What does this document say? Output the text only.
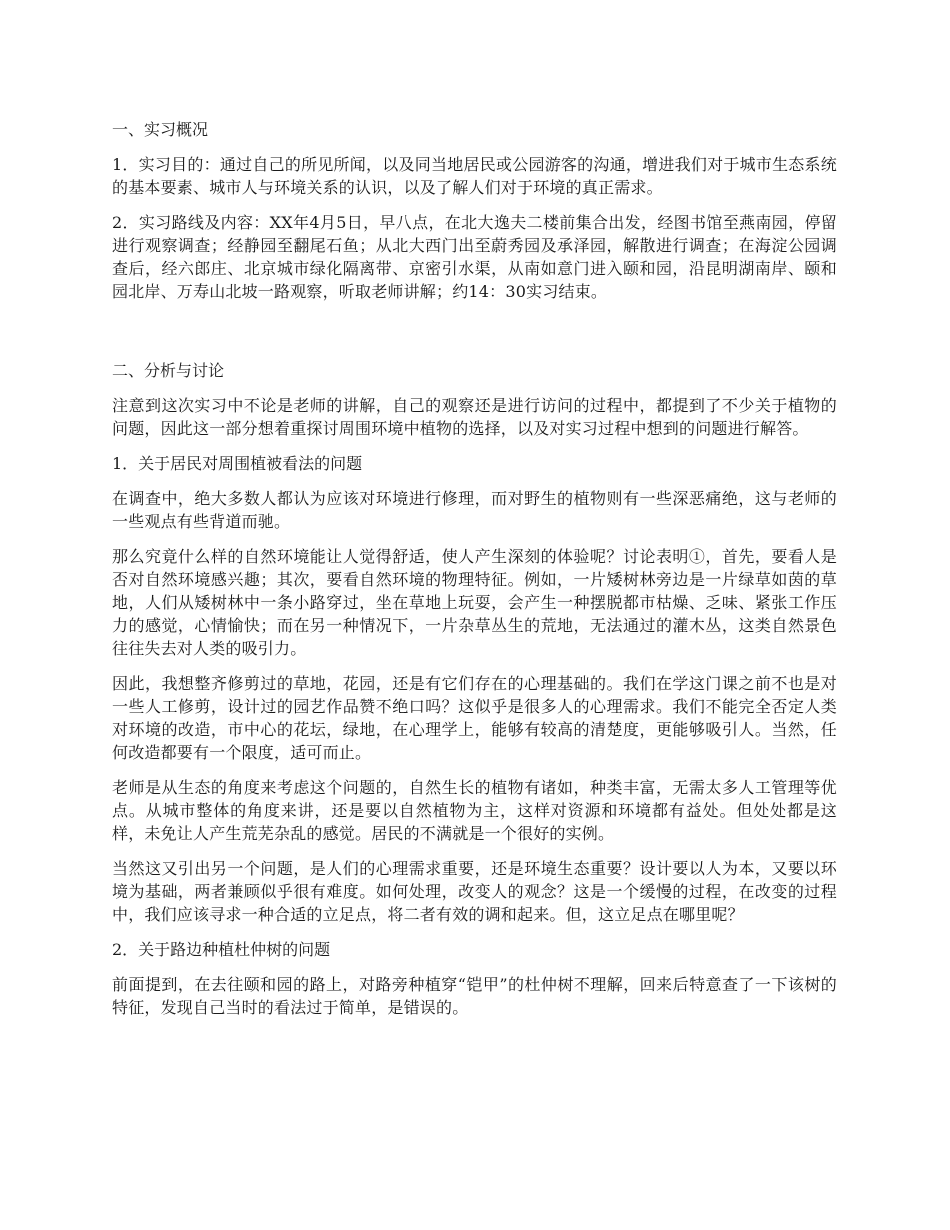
一、实习概况

1．实习目的：通过自己的所见所闻，以及同当地居民或公园游客的沟通，增进我们对于城市生态系统的基本要素、城市人与环境关系的认识，以及了解人们对于环境的真正需求。

2．实习路线及内容：XX年4月5日，早八点，在北大逸夫二楼前集合出发，经图书馆至燕南园，停留进行观察调查；经静园至翻尾石鱼；从北大西门出至蔚秀园及承泽园，解散进行调查；在海淀公园调查后，经六郎庄、北京城市绿化隔离带、京密引水渠，从南如意门进入颐和园，沿昆明湖南岸、颐和园北岸、万寿山北坡一路观察，听取老师讲解；约14：30实习结束。

二、分析与讨论

注意到这次实习中不论是老师的讲解，自己的观察还是进行访问的过程中，都提到了不少关于植物的问题，因此这一部分想着重探讨周围环境中植物的选择，以及对实习过程中想到的问题进行解答。

1．关于居民对周围植被看法的问题

在调查中，绝大多数人都认为应该对环境进行修理，而对野生的植物则有一些深恶痛绝，这与老师的一些观点有些背道而驰。

那么究竟什么样的自然环境能让人觉得舒适，使人产生深刻的体验呢？讨论表明①，首先，要看人是否对自然环境感兴趣；其次，要看自然环境的物理特征。例如，一片矮树林旁边是一片绿草如茵的草地，人们从矮树林中一条小路穿过，坐在草地上玩耍，会产生一种摆脱都市枯燥、乏味、紧张工作压力的感觉，心情愉快；而在另一种情况下，一片杂草丛生的荒地，无法通过的灌木丛，这类自然景色往往失去对人类的吸引力。

因此，我想整齐修剪过的草地，花园，还是有它们存在的心理基础的。我们在学这门课之前不也是对一些人工修剪，设计过的园艺作品赞不绝口吗？这似乎是很多人的心理需求。我们不能完全否定人类对环境的改造，市中心的花坛，绿地，在心理学上，能够有较高的清楚度，更能够吸引人。当然，任何改造都要有一个限度，适可而止。

老师是从生态的角度来考虑这个问题的，自然生长的植物有诸如，种类丰富，无需太多人工管理等优点。从城市整体的角度来讲，还是要以自然植物为主，这样对资源和环境都有益处。但处处都是这样，未免让人产生荒芜杂乱的感觉。居民的不满就是一个很好的实例。

当然这又引出另一个问题，是人们的心理需求重要，还是环境生态重要？设计要以人为本，又要以环境为基础，两者兼顾似乎很有难度。如何处理，改变人的观念？这是一个缓慢的过程，在改变的过程中，我们应该寻求一种合适的立足点，将二者有效的调和起来。但，这立足点在哪里呢？

2．关于路边种植杜仲树的问题

前面提到，在去往颐和园的路上，对路旁种植穿“铠甲”的杜仲树不理解，回来后特意查了一下该树的特征，发现自己当时的看法过于简单，是错误的。
